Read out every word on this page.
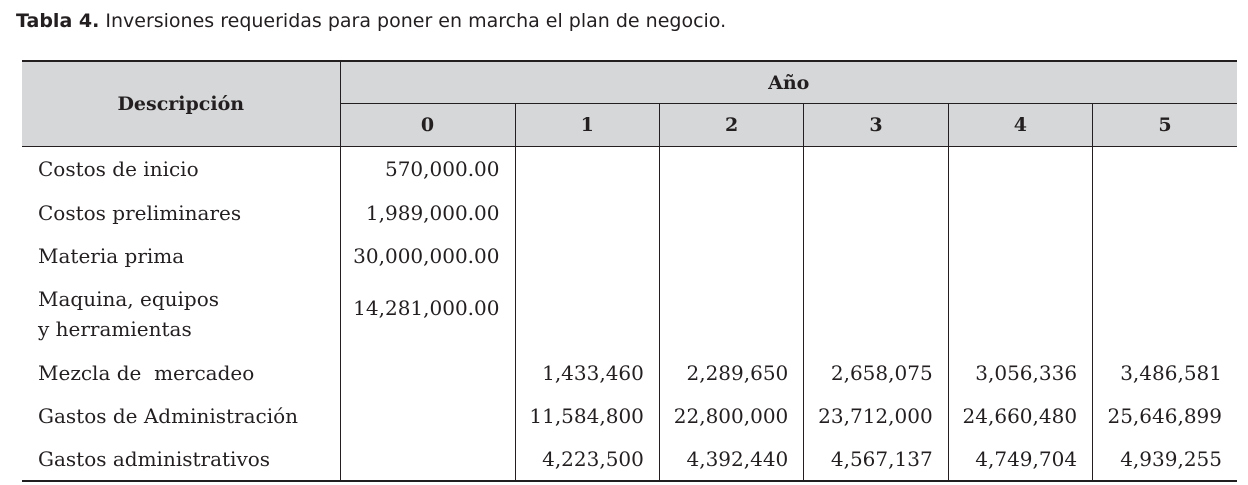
Tabla 4. Inversiones requeridas para poner en marcha el plan de negocio.
Descripción	Año					
	0	1	2	3	4	5
Costos de inicio	570,000.00					
Costos preliminares	1,989,000.00					
Materia prima	30,000,000.00					

Maquina, equipos
y herramientas	14,281,000.00					
Mezcla de  mercadeo		1,433,460	2,289,650	2,658,075	3,056,336	3,486,581
Gastos de Administración		11,584,800	22,800,000	23,712,000	24,660,480	25,646,899
Gastos administrativos		4,223,500	4,392,440	4,567,137	4,749,704	4,939,255
